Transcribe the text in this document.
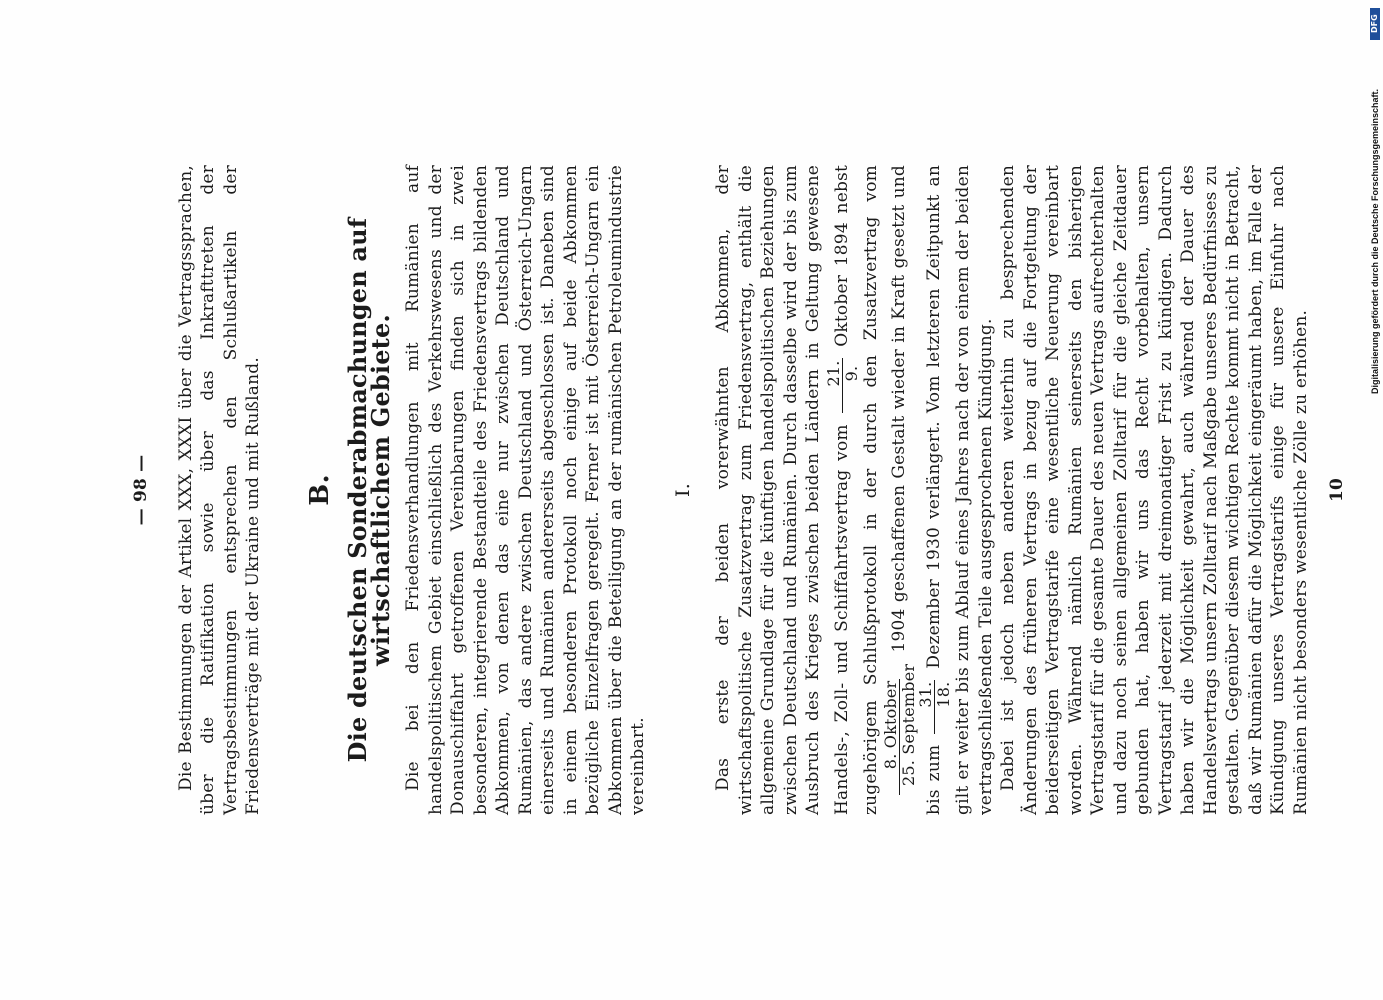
— 98 — Die Bestimmungen der Artikel XXX, XXXI über die Vertragssprachen, über die Ratifikation sowie über das Inkrafttreten der Vertragsbestimmungen entsprechen den Schlußartikeln der Friedensverträge mit der Ukraine und mit Rußland. B. Die deutschen Sonderabmachungen auf wirtschaftlichem Gebiete. Die bei den Friedensverhandlungen mit Rumänien auf handelspolitischem Gebiet einschließlich des Verkehrswesens und der Donauschiffahrt getroffenen Vereinbarungen finden sich in zwei besonderen, integrierende Bestandteile des Friedensvertrags bildenden Abkommen, von denen das eine nur zwischen Deutschland und Rumänien, das andere zwischen Deutschland und Österreich-Ungarn einerseits und Rumänien andererseits abgeschlossen ist. Daneben sind in einem besonderen Protokoll noch einige auf beide Abkommen bezügliche Einzelfragen geregelt. Ferner ist mit Österreich-Ungarn ein Abkommen über die Beteiligung an der rumänischen Petroleumindustrie vereinbart.

I. Das erste der beiden vorerwähnten Abkommen, der wirtschaftspolitische Zusatzvertrag zum Friedensvertrag, enthält die allgemeine Grundlage für die künftigen handelspolitischen Beziehungen zwischen Deutschland und Rumänien. Durch dasselbe wird der bis zum Ausbruch des Krieges zwischen beiden Ländern in Geltung gewesene Handels-, Zoll- und Schiffahrtsvertrag vom
21. 9.
Oktober 1894 nebst zugehörigem Schlußprotokoll in der durch den Zusatzvertrag vom 8. Oktober 25. September
1904 geschaffenen Gestalt wieder in Kraft gesetzt und bis zum
31. 18.
Dezember 1930 verlängert. Vom letzteren Zeitpunkt an gilt er weiter bis zum Ablauf eines Jahres nach der von einem der beiden vertragschließenden Teile ausgesprochenen Kündigung. Dabei ist jedoch neben anderen weiterhin zu besprechenden Änderungen des früheren Vertrags in bezug auf die Fortgeltung der beiderseitigen Vertragstarife eine wesentliche Neuerung vereinbart worden. Während nämlich Rumänien seinerseits den bisherigen Vertragstarif für die gesamte Dauer des neuen Vertrags aufrechterhalten und dazu noch seinen allgemeinen Zolltarif für die gleiche Zeitdauer gebunden hat, haben wir uns das Recht vorbehalten, unsern Vertragstarif jederzeit mit dreimonatiger Frist zu kündigen. Dadurch haben wir die Möglichkeit gewahrt, auch während der Dauer des Handelsvertrags unsern Zolltarif nach Maßgabe unseres Bedürfnisses zu gestalten. Gegenüber diesem wichtigen Rechte kommt nicht in Betracht, daß wir Rumänien dafür die Möglichkeit eingeräumt haben, im Falle der Kündigung unseres Vertragstarifs einige für unsere Einfuhr nach Rumänien nicht besonders wesentliche Zölle zu erhöhen. 10
DFG
Digitalisierung gefördert durch die Deutsche Forschungsgemeinschaft.
